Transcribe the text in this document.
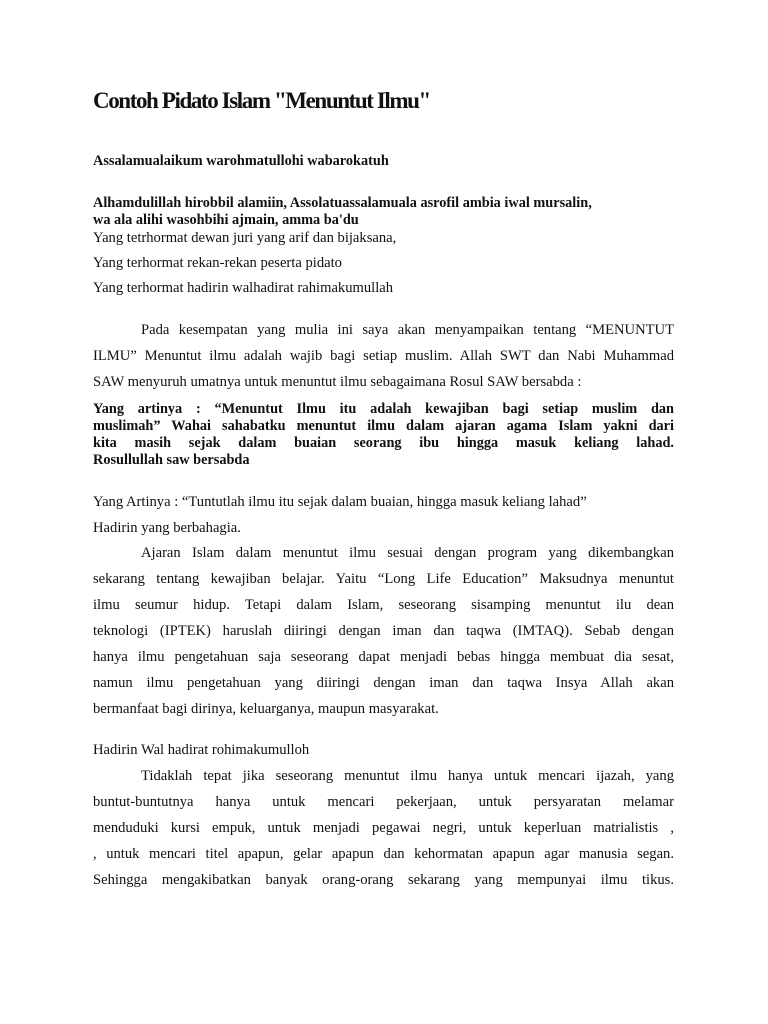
Contoh Pidato Islam "Menuntut Ilmu"
Assalamualaikum warohmatullohi wabarokatuh
Alhamdulillah hirobbil alamiin, Assolatuassalamuala asrofil ambia iwal mursalin,
wa ala alihi wasohbihi ajmain, amma ba'du
Yang tetrhormat dewan juri yang arif dan bijaksana,
Yang terhormat rekan-rekan peserta pidato
Yang terhormat hadirin walhadirat rahimakumullah
Pada kesempatan yang mulia ini saya akan menyampaikan tentang “MENUNTUT
ILMU” Menuntut ilmu adalah wajib bagi setiap muslim. Allah SWT dan Nabi Muhammad
SAW menyuruh umatnya untuk menuntut ilmu sebagaimana Rosul SAW bersabda :
Yang artinya : “Menuntut Ilmu itu adalah kewajiban bagi setiap muslim dan
muslimah” Wahai sahabatku menuntut ilmu dalam ajaran agama Islam yakni dari
kita masih sejak dalam buaian seorang ibu hingga masuk keliang lahad.
Rosullullah saw bersabda
Yang Artinya : “Tuntutlah ilmu itu sejak dalam buaian, hingga masuk keliang lahad”
Hadirin yang berbahagia.
Ajaran Islam dalam menuntut ilmu sesuai dengan program yang dikembangkan
sekarang tentang kewajiban belajar. Yaitu “Long Life Education” Maksudnya menuntut
ilmu seumur hidup. Tetapi dalam Islam, seseorang sisamping menuntut ilu dean
teknologi (IPTEK) haruslah diiringi dengan iman dan taqwa (IMTAQ). Sebab dengan
hanya ilmu pengetahuan saja seseorang dapat menjadi bebas hingga membuat dia sesat,
namun ilmu pengetahuan yang diiringi dengan iman dan taqwa Insya Allah akan
bermanfaat bagi dirinya, keluarganya, maupun masyarakat.
Hadirin Wal hadirat rohimakumulloh
Tidaklah tepat jika seseorang menuntut ilmu hanya untuk mencari ijazah, yang
buntut-buntutnya hanya untuk mencari pekerjaan, untuk persyaratan melamar
menduduki kursi empuk, untuk menjadi pegawai negri, untuk keperluan matrialistis ,
, untuk mencari titel apapun, gelar apapun dan kehormatan apapun agar manusia segan.
Sehingga mengakibatkan banyak orang-orang sekarang yang mempunyai ilmu tikus.
